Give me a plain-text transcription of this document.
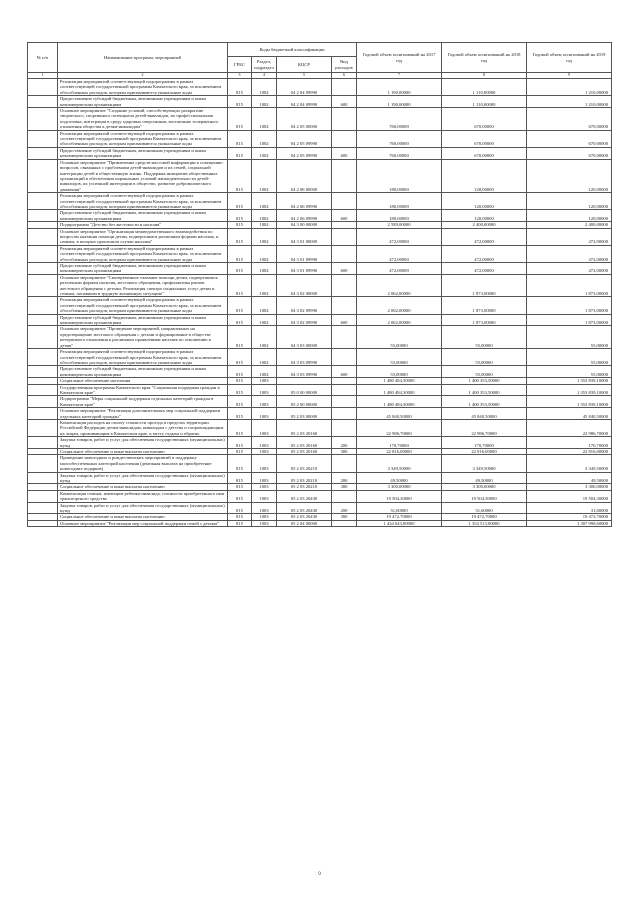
№ п/п	Наименование программ, мероприятий	Коды бюджетной классификации				Годовой объем ассигнований на 2017 год	Годовой объем ассигнований на 2018 год	Годовой объем ассигнований на 2019 год
		ГРБС	Раздел, подраздел	КЦСР	Вид расходов			
1	2	3	4	5	6	7	8	9
	Реализация мероприятий соответствующей подпрограммы в рамках соответствующей государственной программы Камчатского края, за исключением обособленных расходов, которым присваиваются уникальные коды	815	1002	04 2 04 09990		1 190,00000	1 110,00000	1 210,00000
	Предоставление субсидий бюджетным, автономным учреждениям и иным некоммерческим организациям	815	1002	04 2 04 09990	600	1 190,00000	1 110,00000	1 210,00000
	Основное мероприятие "Создание условий, способствующих раскрытию творческого, спортивного потенциала детей-инвалидов, их профессиональная подготовка, интеграция в среду здоровых сверстников, воспитание толерантного отношения общества к детям-инвалидам"	815	1002	04 2 05 00000		760,00000	670,00000	670,00000
	Реализация мероприятий соответствующей подпрограммы в рамках соответствующей государственной программы Камчатского края, за исключением обособленных расходов, которым присваиваются уникальные коды	815	1002	04 2 05 09990		760,00000	670,00000	670,00000
	Предоставление субсидий бюджетным, автономным учреждениям и иным некоммерческим организациям	815	1002	04 2 05 09990	600	760,00000	670,00000	670,00000
	Основное мероприятие "Привлечение средств массовой информации к освещению вопросов, связанных с проблемами детей-инвалидов и их семей, социальной интеграции детей в общественную жизнь. Поддержка инициатив общественных организаций в обеспечении нормальных условий жизнедеятельности детей-инвалидов, их успешной интеграции в общество, развитие добровольческого движения"	815	1002	04 2 06 00000		180,00000	120,00000	120,00000
	Реализация мероприятий соответствующей подпрограммы в рамках соответствующей государственной программы Камчатского края, за исключением обособленных расходов, которым присваиваются уникальные коды	815	1002	04 2 06 09990		180,00000	120,00000	120,00000
	Предоставление субсидий бюджетным, автономным учреждениям и иным некоммерческим организациям	815	1002	04 2 06 09990	600	180,00000	120,00000	120,00000
	Подпрограмма "Детство без жестокости и насилия"	815	1002	04 3 00 00000		2 589,00000	2 400,00000	2 400,00000
	Основное мероприятие "Организация межведомственного взаимодействия по вопросам оказания помощи детям, подвергшимся различным формам насилия, и семьям, в которых произошли случаи насилия"	815	1002	04 3 01 00000		472,00000	472,00000	472,00000
	Реализация мероприятий соответствующей подпрограммы в рамках соответствующей государственной программы Камчатского края, за исключением обособленных расходов, которым присваиваются уникальные коды	815	1002	04 3 01 09990		472,00000	472,00000	472,00000
	Предоставление субсидий бюджетным, автономным учреждениям и иным некоммерческим организациям	815	1002	04 3 01 09990	600	472,00000	472,00000	472,00000
	Основное мероприятие "Своевременное оказание помощи детям, подвергшимся различным формам насилия, жестокого обращения, профилактика рисков жестокого обращения с детьми. Реализация спектра социальных услуг детям и семьям, попавшим в трудную жизненную ситуацию"	815	1002	04 3 02 00000		2 062,00000	1 873,00000	1 873,00000
	Реализация мероприятий соответствующей подпрограммы в рамках соответствующей государственной программы Камчатского края, за исключением обособленных расходов, которым присваиваются уникальные коды	815	1002	04 3 02 09990		2 062,00000	1 873,00000	1 873,00000
	Предоставление субсидий бюджетным, автономным учреждениям и иным некоммерческим организациям	815	1002	04 3 02 09990	600	2 062,00000	1 873,00000	1 873,00000
	Основное мероприятие "Проведение мероприятий, направленных на предотвращение жестокого обращения с детьми и формирование в обществе нетерпимого отношения к различным проявлениям насилия по отношению к детям"	815	1002	04 3 03 00000		55,00000	55,00000	55,00000
	Реализация мероприятий соответствующей подпрограммы в рамках соответствующей государственной программы Камчатского края, за исключением обособленных расходов, которым присваиваются уникальные коды	815	1002	04 3 03 09990		55,00000	55,00000	55,00000
	Предоставление субсидий бюджетным, автономным учреждениям и иным некоммерческим организациям	815	1002	04 3 03 09990	600	55,00000	55,00000	55,00000
	Социальное обеспечение населения	815	1003			1 480 484,30000	1 400 353,50000	1 353 839,10000
	Государственная программа Камчатского края "Социальная поддержка граждан в Камчатском крае"	815	1003	05 0 00 00000		1 480 484,30000	1 400 353,50000	1 353 839,10000
	Подпрограмма "Меры социальной поддержки отдельных категорий граждан в Камчатском крае"	815	1003	05 2 00 00000		1 480 484,30000	1 400 353,50000	1 353 839,10000
	Основное мероприятие "Реализация дополнительных мер социальной поддержки отдельных категорий граждан"	815	1003	05 2 03 00000		45 840,50000	45 840,50000	45 840,50000
	Компенсация расходов на оплату стоимости проезда в пределах территории Российской Федерации детям-инвалидам, инвалидам с детства и сопровождающим их лицам, проживающим в Камчатском крае, к месту отдыха и обратно	815	1003	05 2 03 20160		22 986,70000	22 986,70000	22 986,70000
	Закупка товаров, работ и услуг для обеспечения государственных (муниципальных) нужд	815	1003	05 2 03 20160	200	170,70000	170,70000	170,70000
	Социальное обеспечение и иные выплаты населению	815	1003	05 2 03 20160	300	22 816,00000	22 816,00000	22 816,00000
	Проведение новогодних и рождественских мероприятий и поддержку малообеспеченных категорий населения (денежная выплата на приобретение новогодних подарков)	815	1003	05 2 03 20210		3 349,50000	3 349,50000	3 349,50000
	Закупка товаров, работ и услуг для обеспечения государственных (муниципальных) нужд	815	1003	05 2 03 20210	200	49,50000	49,50000	49,50000
	Социальное обеспечение и иные выплаты населению	815	1003	05 2 03 20210	300	3 300,00000	3 300,00000	3 300,00000
	Компенсация семьям, имеющим ребенка-инвалида, стоимости приобретенного ими транспортного средства	815	1003	05 2 03 20430		19 504,30000	19 504,30000	19 504,30000
	Закупка товаров, работ и услуг для обеспечения государственных (муниципальных) нужд	815	1003	05 2 03 20430	200	31,60000	31,60000	31,60000
	Социальное обеспечение и иные выплаты населению	815	1003	05 2 03 20430	300	19 472,70000	19 472,70000	19 472,70000
	Основное мероприятие "Реализация мер социальной поддержки семей с детьми"	815	1003	05 2 04 00000		1 434 643,80000	1 354 513,00000	1 307 998,60000
9
